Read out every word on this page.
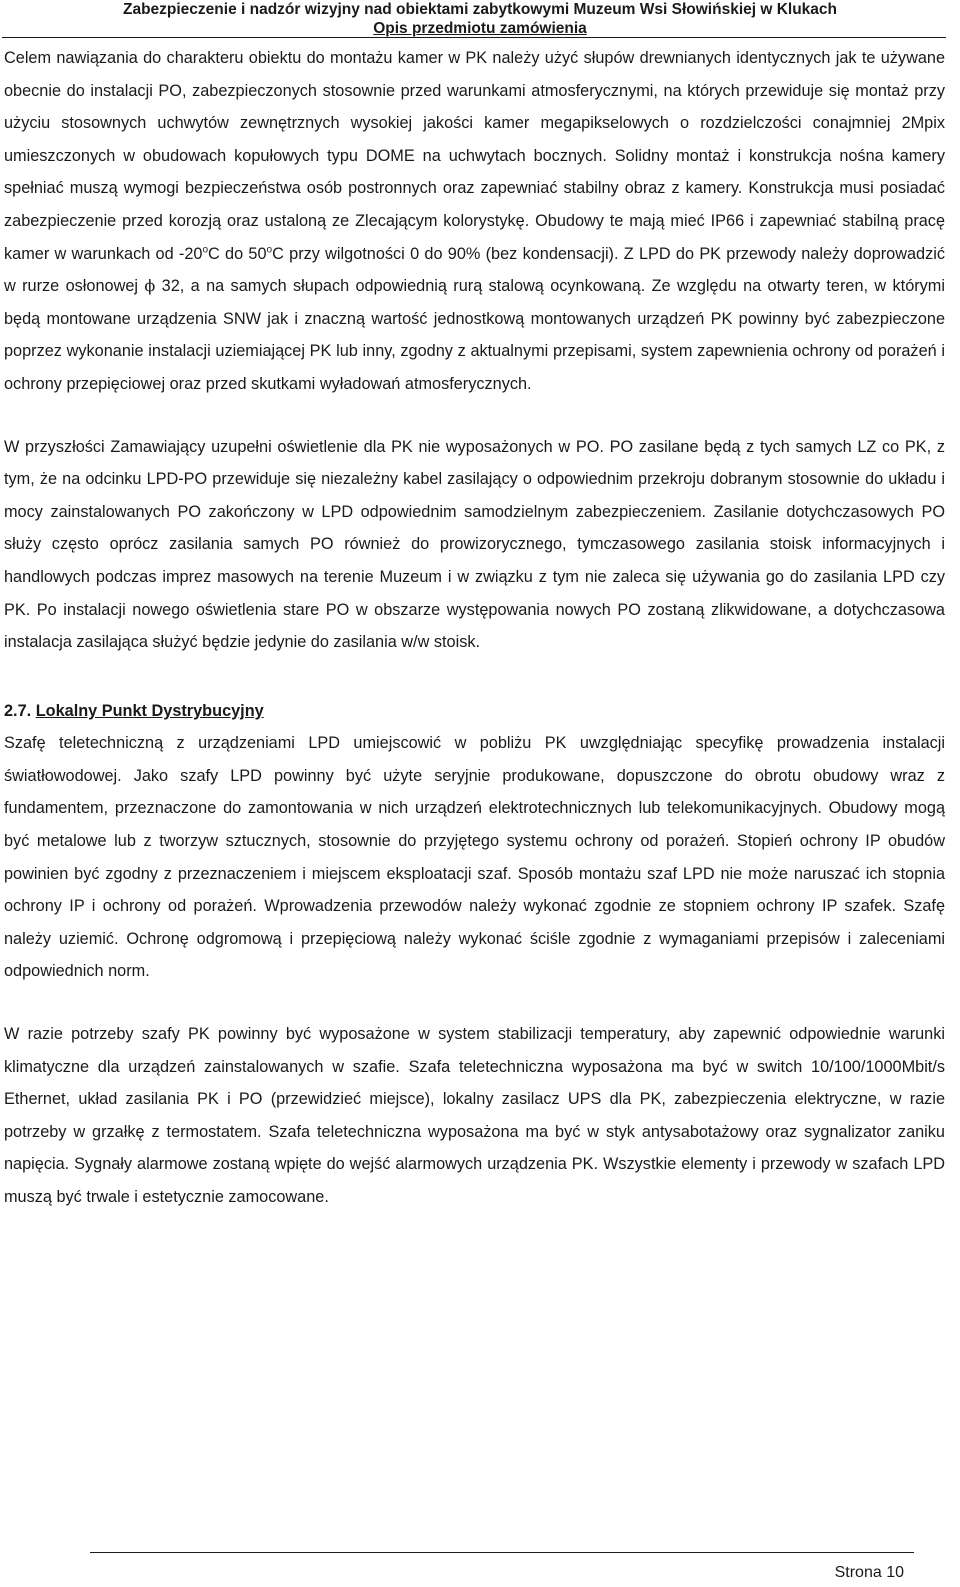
Zabezpieczenie i nadzór wizyjny nad obiektami zabytkowymi Muzeum Wsi Słowińskiej w Klukach
Opis przedmiotu zamówienia

Celem nawiązania do charakteru obiektu do montażu kamer w PK należy użyć słupów drewnianych identycznych jak te używane obecnie do instalacji PO, zabezpieczonych stosownie przed warunkami atmosferycznymi, na których przewiduje się montaż przy użyciu stosownych uchwytów zewnętrznych wysokiej jakości kamer megapikselowych o rozdzielczości conajmniej 2Mpix umieszczonych w obudowach kopułowych typu DOME na uchwytach bocznych. Solidny montaż i konstrukcja nośna kamery spełniać muszą wymogi bezpieczeństwa osób postronnych oraz zapewniać stabilny obraz z kamery. Konstrukcja musi posiadać zabezpieczenie przed korozją oraz ustaloną ze Zlecającym kolorystykę. Obudowy te mają mieć IP66 i zapewniać stabilną pracę kamer w warunkach od -20$^o$C do 50$^o$C przy wilgotności 0 do 90% (bez kondensacji). Z LPD do PK przewody należy doprowadzić w rurze osłonowej ϕ 32, a na samych słupach odpowiednią rurą stalową ocynkowaną. Ze względu na otwarty teren, w którymi będą montowane urządzenia SNW jak i znaczną wartość jednostkową montowanych urządzeń PK powinny być zabezpieczone poprzez wykonanie instalacji uziemiającej PK lub inny, zgodny z aktualnymi przepisami, system zapewnienia ochrony od porażeń i ochrony przepięciowej oraz przed skutkami wyładowań atmosferycznych.

W przyszłości Zamawiający uzupełni oświetlenie dla PK nie wyposażonych w PO. PO zasilane będą z tych samych LZ co PK, z tym, że na odcinku LPD-PO przewiduje się niezależny kabel zasilający o odpowiednim przekroju dobranym stosownie do układu i mocy zainstalowanych PO zakończony w LPD odpowiednim samodzielnym zabezpieczeniem. Zasilanie dotychczasowych PO służy często oprócz zasilania samych PO również do prowizorycznego, tymczasowego zasilania stoisk informacyjnych i handlowych podczas imprez masowych na terenie Muzeum i w związku z tym nie zaleca się używania go do zasilania LPD czy PK. Po instalacji nowego oświetlenia stare PO w obszarze występowania nowych PO zostaną zlikwidowane, a dotychczasowa instalacja zasilająca służyć będzie jedynie do zasilania w/w stoisk.

2.7. Lokalny Punkt Dystrybucyjny

Szafę teletechniczną z urządzeniami LPD umiejscowić w pobliżu PK uwzględniając specyfikę prowadzenia instalacji światłowodowej. Jako szafy LPD powinny być użyte seryjnie produkowane, dopuszczone do obrotu obudowy wraz z fundamentem, przeznaczone do zamontowania w nich urządzeń elektrotechnicznych lub telekomunikacyjnych. Obudowy mogą być metalowe lub z tworzyw sztucznych, stosownie do przyjętego systemu ochrony od porażeń. Stopień ochrony IP obudów powinien być zgodny z przeznaczeniem i miejscem eksploatacji szaf. Sposób montażu szaf LPD nie może naruszać ich stopnia ochrony IP i ochrony od porażeń. Wprowadzenia przewodów należy wykonać zgodnie ze stopniem ochrony IP szafek. Szafę należy uziemić. Ochronę odgromową i przepięciową należy wykonać ściśle zgodnie z wymaganiami przepisów i zaleceniami odpowiednich norm.

W razie potrzeby szafy PK powinny być wyposażone w system stabilizacji temperatury, aby zapewnić odpowiednie warunki klimatyczne dla urządzeń zainstalowanych w szafie. Szafa teletechniczna wyposażona ma być w switch 10/100/1000Mbit/s Ethernet, układ zasilania PK i PO (przewidzieć miejsce), lokalny zasilacz UPS dla PK, zabezpieczenia elektryczne, w razie potrzeby w grzałkę z termostatem. Szafa teletechniczna wyposażona ma być w styk antysabotażowy oraz sygnalizator zaniku napięcia. Sygnały alarmowe zostaną wpięte do wejść alarmowych urządzenia PK. Wszystkie elementy i przewody w szafach LPD muszą być trwale i estetycznie zamocowane.

Strona 10
